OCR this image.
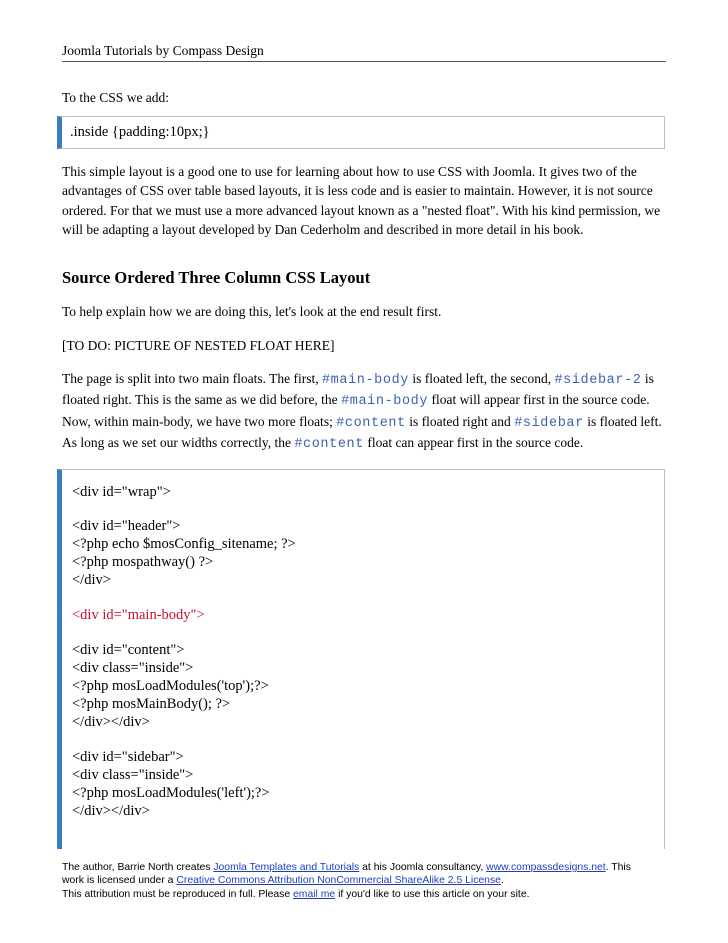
Joomla Tutorials by Compass Design
To the CSS we add:
.inside {padding:10px;}
This simple layout is a good one to use for learning about how to use CSS with Joomla. It gives two of the advantages of CSS over table based layouts, it is less code and is easier to maintain. However, it is not source ordered. For that we must use a more advanced layout known as a "nested float". With his kind permission, we will be adapting a layout developed by Dan Cederholm and described in more detail in his book.
Source Ordered Three Column CSS Layout
To help explain how we are doing this, let's look at the end result first.
[TO DO: PICTURE OF NESTED FLOAT HERE]
The page is split into two main floats. The first, #main-body is floated left, the second, #sidebar-2 is floated right. This is the same as we did before, the #main-body float will appear first in the source code. Now, within main-body, we have two more floats; #content is floated right and #sidebar is floated left. As long as we set our widths correctly, the #content float can appear first in the source code.
<div id="wrap">
<div id="header">
<?php echo $mosConfig_sitename; ?>
<?php mospathway() ?>
</div>
<div id="main-body">
<div id="content">
<div class="inside">
<?php mosLoadModules('top');?>
<?php mosMainBody(); ?>
</div></div>
<div id="sidebar">
<div class="inside">
<?php mosLoadModules('left');?>
</div></div>
The author, Barrie North creates Joomla Templates and Tutorials at his Joomla consultancy, www.compassdesigns.net. This
work is licensed under a Creative Commons Attribution NonCommercial ShareAlike 2.5 License.
This attribution must be reproduced in full. Please email me if you'd like to use this article on your site.
